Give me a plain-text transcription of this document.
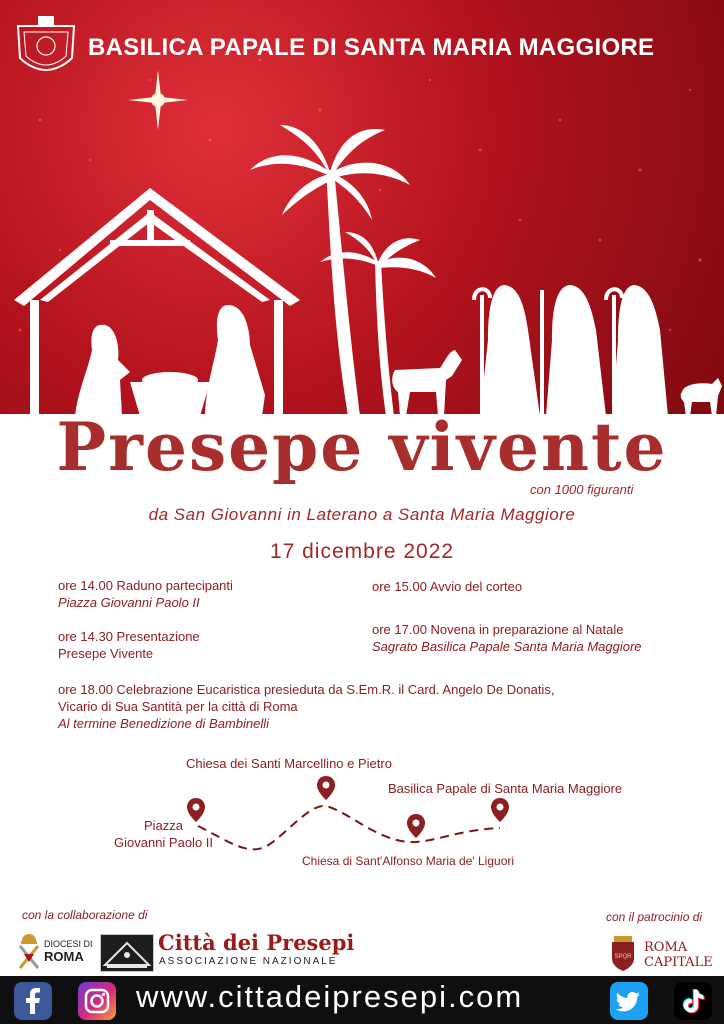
BASILICA PAPALE DI SANTA MARIA MAGGIORE
Presepe vivente
con 1000 figuranti
da San Giovanni in Laterano a Santa Maria Maggiore
17 dicembre 2022
ore 14.00 Raduno partecipanti
Piazza Giovanni Paolo II
ore 15.00 Avvio del corteo
ore 14.30 Presentazione
Presepe Vivente
ore 17.00 Novena in preparazione al Natale
Sagrato Basilica Papale Santa Maria Maggiore
ore 18.00 Celebrazione Eucaristica presieduta da S.Em.R. il Card. Angelo De Donatis,
Vicario di Sua Santità per la città di Roma
Al termine Benedizione di Bambinelli
Piazza
Giovanni Paolo II
Chiesa dei Santi Marcellino e Pietro
Chiesa di Sant'Alfonso Maria de' Liguori
Basilica Papale di Santa Maria Maggiore
con la collaborazione di	con il patrocinio di
DIOCESI DI
ROMA
Città dei Presepi
ASSOCIAZIONE NAZIONALE	SPQR
ROMA
CAPITALE
www.cittadeipresepi.com
